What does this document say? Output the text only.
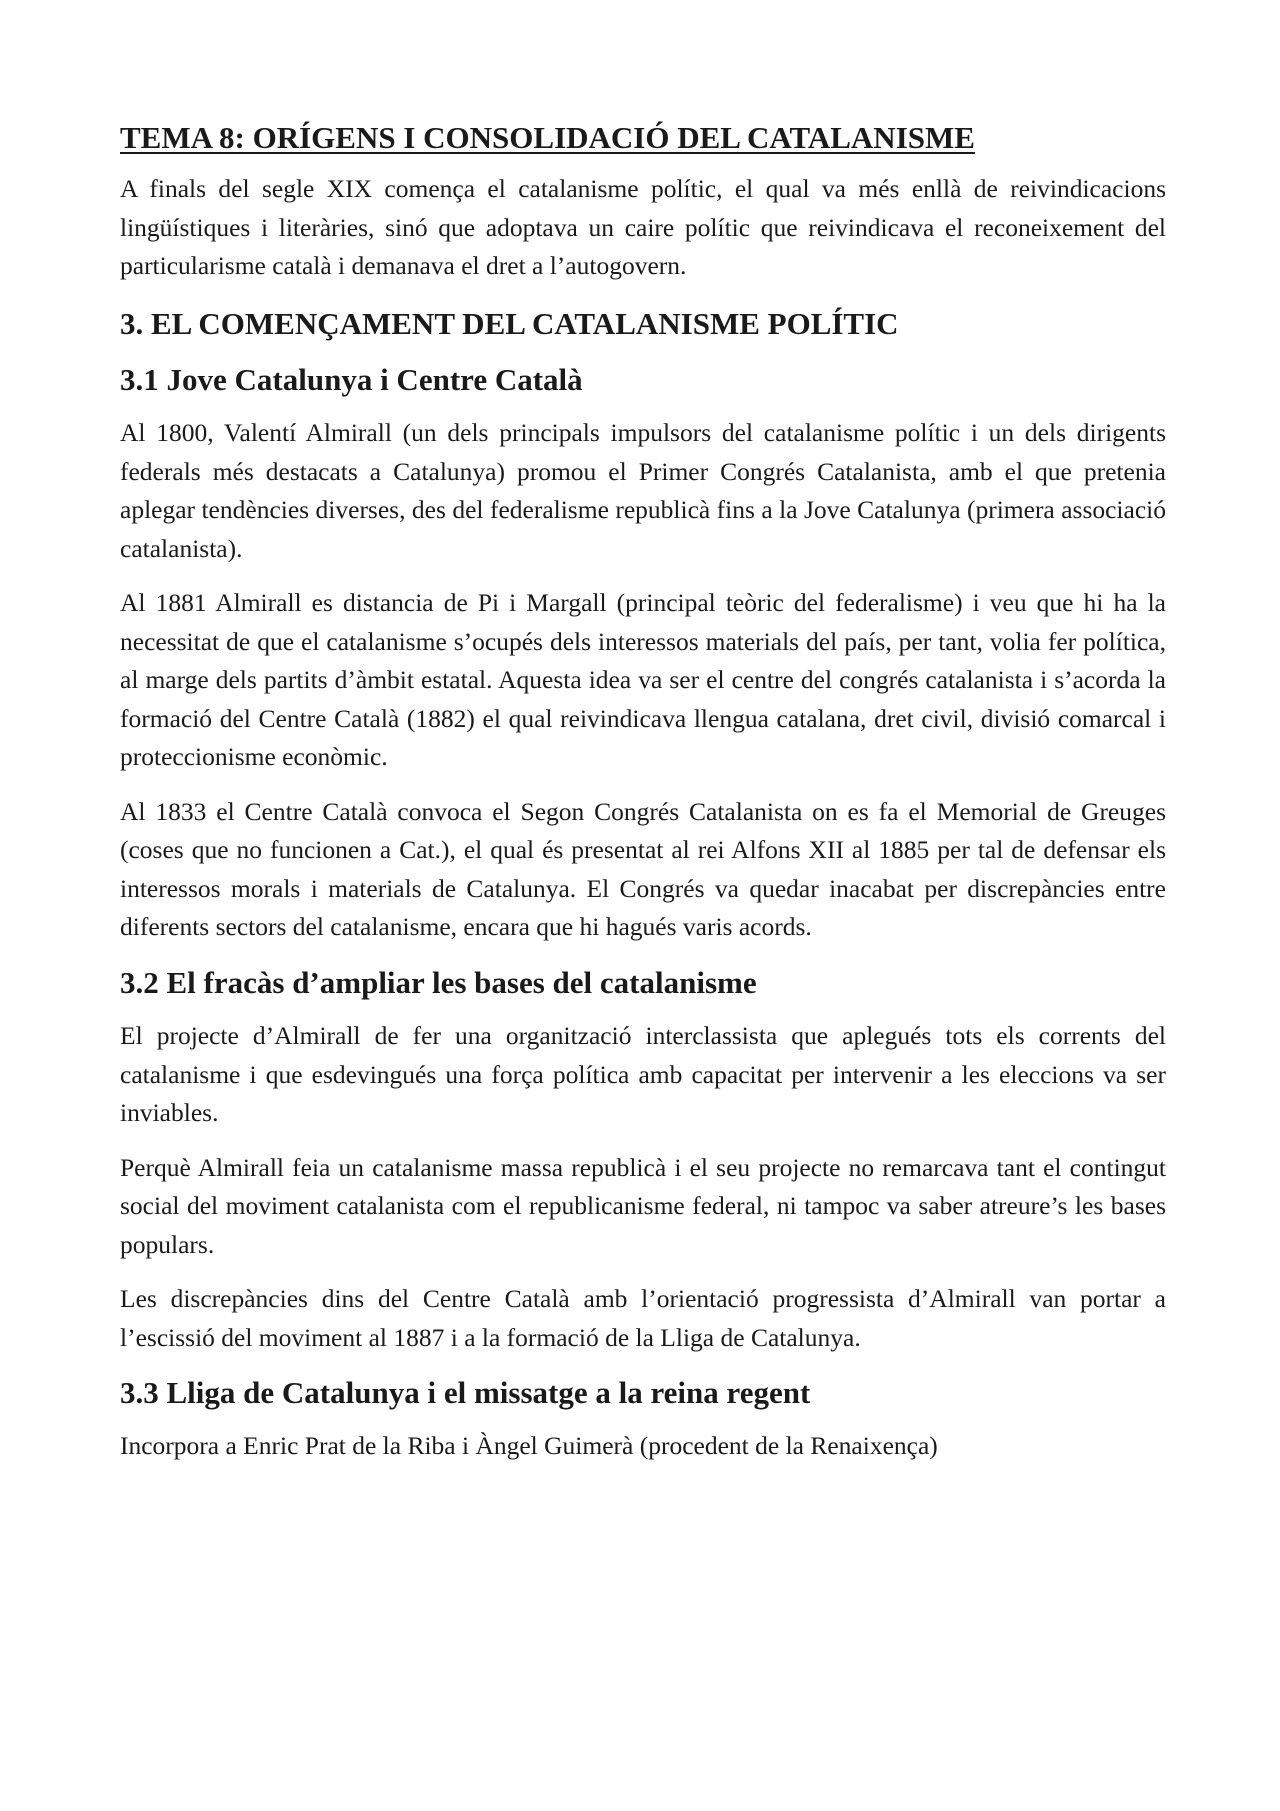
TEMA 8: ORÍGENS I CONSOLIDACIÓ DEL CATALANISME

A finals del segle XIX comença el catalanisme polític, el qual va més enllà de reivindicacions lingüístiques i literàries, sinó que adoptava un caire polític que reivindicava el reconeixement del particularisme català i demanava el dret a l’autogovern.

3. EL COMENÇAMENT DEL CATALANISME POLÍTIC
3.1 Jove Catalunya i Centre Català

Al 1800, Valentí Almirall (un dels principals impulsors del catalanisme polític i un dels dirigents federals més destacats a Catalunya) promou el Primer Congrés Catalanista, amb el que pretenia aplegar tendències diverses, des del federalisme republicà fins a la Jove Catalunya (primera associació catalanista).

Al 1881 Almirall es distancia de Pi i Margall (principal teòric del federalisme) i veu que hi ha la necessitat de que el catalanisme s’ocupés dels interessos materials del país, per tant, volia fer política, al marge dels partits d’àmbit estatal. Aquesta idea va ser el centre del congrés catalanista i s’acorda la formació del Centre Català (1882) el qual reivindicava llengua catalana, dret civil, divisió comarcal i proteccionisme econòmic.

Al 1833 el Centre Català convoca el Segon Congrés Catalanista on es fa el Memorial de Greuges (coses que no funcionen a Cat.), el qual és presentat al rei Alfons XII al 1885 per tal de defensar els interessos morals i materials de Catalunya. El Congrés va quedar inacabat per discrepàncies entre diferents sectors del catalanisme, encara que hi hagués varis acords.

3.2 El fracàs d’ampliar les bases del catalanisme

El projecte d’Almirall de fer una organització interclassista que aplegués tots els corrents del catalanisme i que esdevingués una força política amb capacitat per intervenir a les eleccions va ser inviables.

Perquè Almirall feia un catalanisme massa republicà i el seu projecte no remarcava tant el contingut social del moviment catalanista com el republicanisme federal, ni tampoc va saber atreure’s les bases populars.

Les discrepàncies dins del Centre Català amb l’orientació progressista d’Almirall van portar a l’escissió del moviment al 1887 i a la formació de la Lliga de Catalunya.

3.3 Lliga de Catalunya i el missatge a la reina regent

Incorpora a Enric Prat de la Riba i Àngel Guimerà (procedent de la Renaixença)
